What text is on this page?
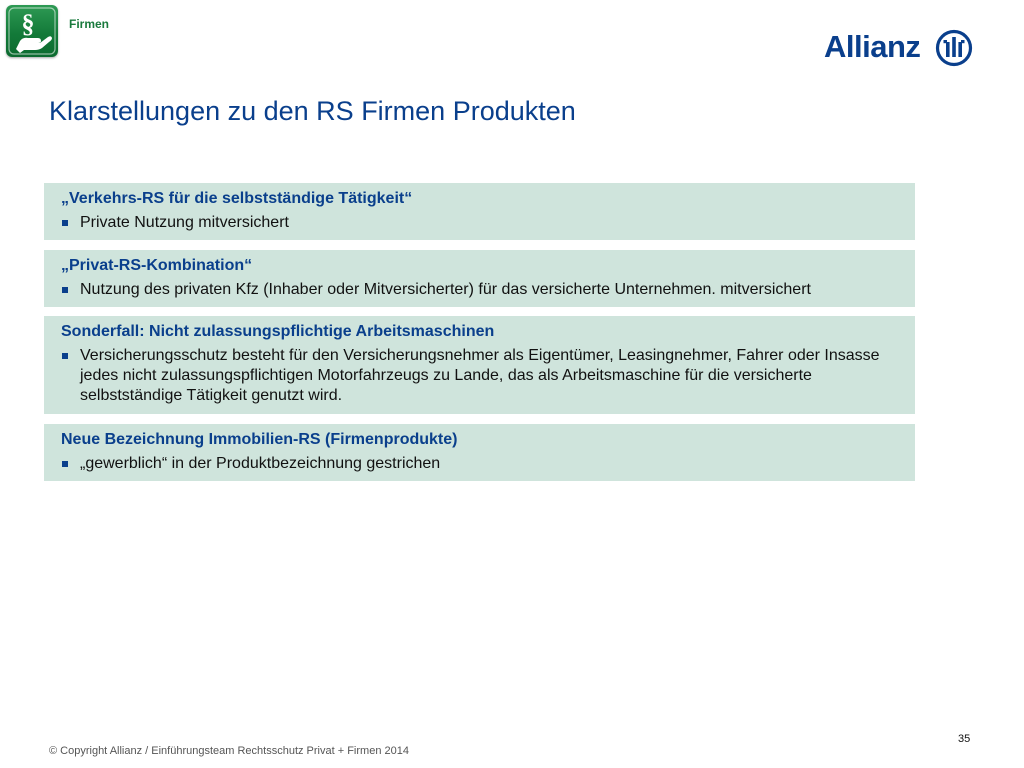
§	Firmen
Allianz
Klarstellungen zu den RS Firmen Produkten
„Verkehrs-RS für die selbstständige Tätigkeit“
Private Nutzung mitversichert
„Privat-RS-Kombination“
Nutzung des privaten Kfz (Inhaber oder Mitversicherter) für das versicherte Unternehmen. mitversichert
Sonderfall: Nicht zulassungspflichtige Arbeitsmaschinen
Versicherungsschutz besteht für den Versicherungsnehmer als Eigentümer, Leasingnehmer, Fahrer oder Insasse jedes nicht zulassungspflichtigen Motorfahrzeugs zu Lande, das als Arbeitsmaschine für die versicherte selbstständige Tätigkeit genutzt wird.
Neue Bezeichnung Immobilien-RS (Firmenprodukte)
„gewerblich“ in der Produktbezeichnung gestrichen
© Copyright Allianz / Einführungsteam Rechtsschutz Privat + Firmen 2014
35
